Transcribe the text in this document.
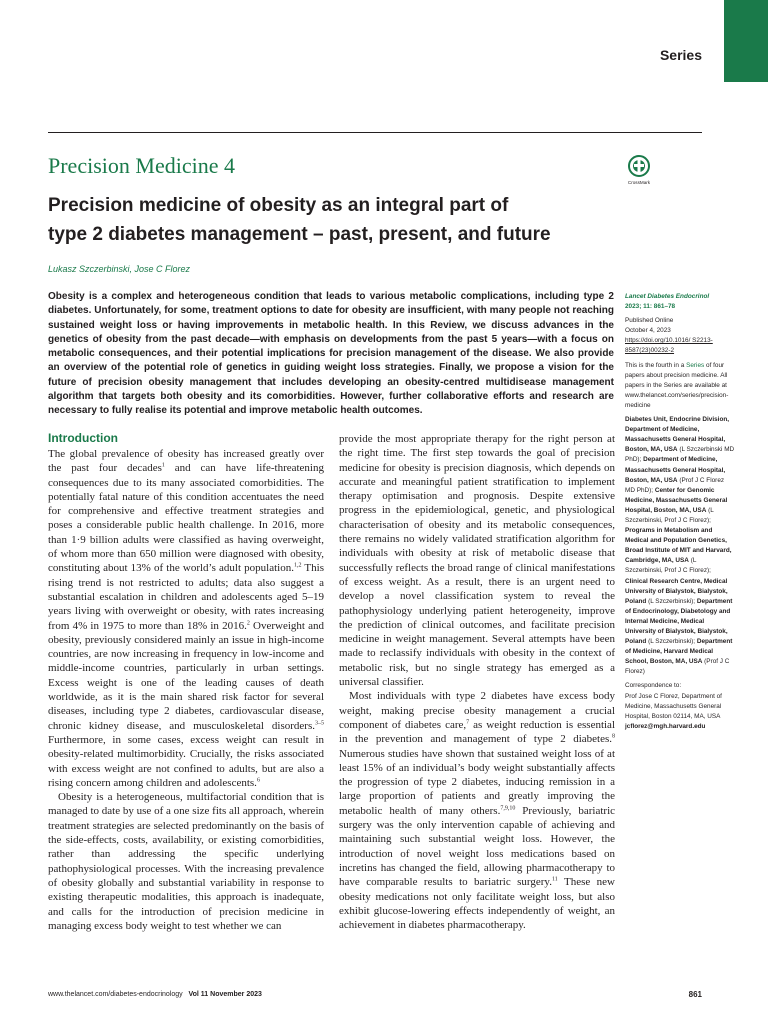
Series
Precision Medicine 4
CrossMark
Precision medicine of obesity as an integral part of
type 2 diabetes management – past, present, and future
Lukasz Szczerbinski, Jose C Florez

Obesity is a complex and heterogeneous condition that leads to various metabolic complications, including type 2 diabetes. Unfortunately, for some, treatment options to date for obesity are insufficient, with many people not reaching sustained weight loss or having improvements in metabolic health. In this Review, we discuss advances in the genetics of obesity from the past decade—with emphasis on developments from the past 5 years—with a focus on metabolic consequences, and their potential implications for precision management of the disease. We also provide an overview of the potential role of genetics in guiding weight loss strategies. Finally, we propose a vision for the future of precision obesity management that includes developing an obesity-centred multidisease management algorithm that targets both obesity and its comorbidities. However, further collaborative efforts and research are necessary to fully realise its potential and improve metabolic health outcomes.

Introduction

The global prevalence of obesity has increased greatly over the past four decades$^1$ and can have life-threatening consequences due to its many associated comorbidities. The potentially fatal nature of this condition accentuates the need for comprehensive and effective treatment strategies and poses a considerable public health challenge. In 2016, more than 1·9 billion adults were classified as having overweight, of whom more than 650 million were diagnosed with obesity, constituting about 13% of the world’s adult population.$^{1,2}$ This rising trend is not restricted to adults; data also suggest a substantial escalation in children and adolescents aged 5–19 years living with overweight or obesity, with rates increasing from 4% in 1975 to more than 18% in 2016.$^2$ Overweight and obesity, previously considered mainly an issue in high-income countries, are now increasing in frequency in low-income and middle-income countries, particularly in urban settings. Excess weight is one of the leading causes of death worldwide, as it is the main shared risk factor for several diseases, including type 2 diabetes, cardiovascular disease, chronic kidney disease, and musculoskeletal disorders.$^{3-5}$ Furthermore, in some cases, excess weight can result in obesity-related multimorbidity. Crucially, the risks associated with excess weight are not confined to adults, but are also a rising concern among children and adolescents.$^6$

Obesity is a heterogeneous, multifactorial condition that is managed to date by use of a one size fits all approach, wherein treatment strategies are selected predominantly on the basis of the side-effects, costs, availability, or existing comorbidities, rather than addressing the specific underlying pathophysiological processes. With the increasing prevalence of obesity globally and substantial variability in response to existing therapeutic modalities, this approach is inadequate, and calls for the introduction of precision medicine in managing excess body weight to test whether we can

provide the most appropriate therapy for the right person at the right time. The first step towards the goal of precision medicine for obesity is precision diagnosis, which depends on accurate and meaningful patient stratification to implement therapy optimisation and prognosis. Despite extensive progress in the epidemiological, genetic, and physiological characterisation of obesity and its metabolic consequences, there remains no widely validated stratification algorithm for individuals with obesity at risk of metabolic disease that successfully reflects the broad range of clinical manifestations of excess weight. As a result, there is an urgent need to develop a novel classification system to reveal the pathophysiology underlying patient heterogeneity, improve the prediction of clinical outcomes, and facilitate precision medicine in weight management. Several attempts have been made to reclassify individuals with obesity in the context of metabolic risk, but no single strategy has emerged as a universal classifier.

Most individuals with type 2 diabetes have excess body weight, making precise obesity management a crucial component of diabetes care,$^7$ as weight reduction is essential in the prevention and management of type 2 diabetes.$^8$ Numerous studies have shown that sustained weight loss of at least 15% of an individual’s body weight substantially affects the progression of type 2 diabetes, inducing remission in a large proportion of patients and greatly improving the metabolic health of many others.$^{7,9,10}$ Previously, bariatric surgery was the only intervention capable of achieving and maintaining such substantial weight loss. However, the introduction of novel weight loss medications based on incretins has changed the field, allowing pharmacotherapy to have comparable results to bariatric surgery.$^{11}$ These new obesity medications not only facilitate weight loss, but also exhibit glucose-lowering effects independently of weight, an achievement in diabetes pharmacotherapy.

Lancet Diabetes Endocrinol
2023; 11: 861–78

Published Online
October 4, 2023
https://doi.org/10.1016/ S2213-8587(23)00232-2

This is the fourth in a Series of four papers about precision medicine. All papers in the Series are available at www.thelancet.com/series/precision-medicine

Diabetes Unit, Endocrine Division, Department of Medicine, Massachusetts General Hospital, Boston, MA, USA (L Szczerbinski MD PhD); Department of Medicine, Massachusetts General Hospital, Boston, MA, USA (Prof J C Florez MD PhD); Center for Genomic Medicine, Massachusetts General Hospital, Boston, MA, USA (L Szczerbinski, Prof J C Florez); Programs in Metabolism and Medical and Population Genetics, Broad Institute of MIT and Harvard, Cambridge, MA, USA (L Szczerbinski, Prof J C Florez); Clinical Research Centre, Medical University of Bialystok, Bialystok, Poland (L Szczerbinski); Department of Endocrinology, Diabetology and Internal Medicine, Medical University of Bialystok, Bialystok, Poland (L Szczerbinski); Department of Medicine, Harvard Medical School, Boston, MA, USA (Prof J C Florez)

Correspondence to:
Prof Jose C Florez, Department of Medicine, Massachusetts General Hospital, Boston 02114, MA, USA
jcflorez@mgh.harvard.edu

www.thelancet.com/diabetes-endocrinology Vol 11 November 2023	861
